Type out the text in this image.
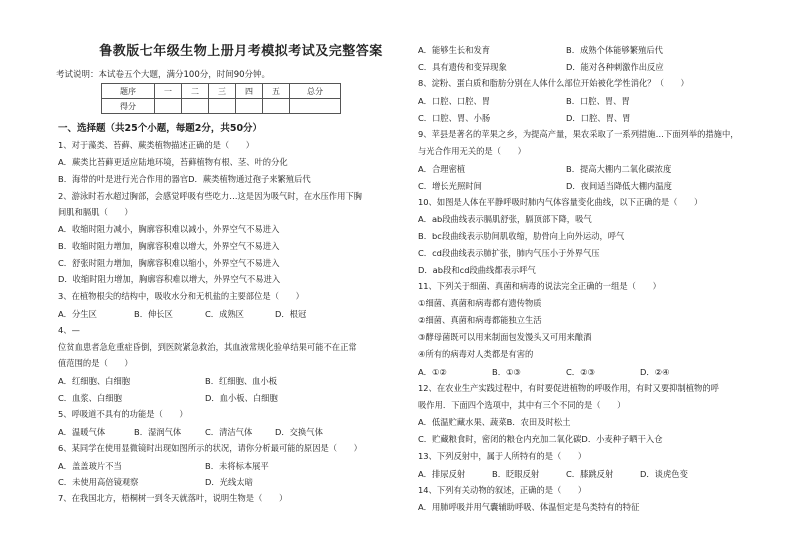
鲁教版七年级生物上册月考模拟考试及完整答案
考试说明：本试卷五个大题，满分100分，时间90分钟。
题序	一	二	三	四	五	总分
得分						
一、选择题（共25个小题，每题2分，共50分）
1、对于藻类、苔藓、蕨类植物描述正确的是（　　）
A．蕨类比苔藓更适应陆地环境，苔藓植物有根、茎、叶的分化
B．海带的叶是进行光合作用的器官D．蕨类植物通过孢子来繁殖后代
2、游泳时若水超过胸部，会感觉呼吸有些吃力…这是因为吸气时，在水压作用下胸
间肌和膈肌（　　）
A．收缩时阻力减小，胸廓容积难以减小，外界空气不易进入
B．收缩时阻力增加，胸廓容积难以增大，外界空气不易进入
C．舒张时阻力增加，胸廓容积难以缩小，外界空气不易进入
D．收缩时阻力增加，胸廓容积难以增大，外界空气不易进入
3、在植物根尖的结构中，吸收水分和无机盐的主要部位是（　　）
A．分生区	B．伸长区	C．成熟区	D．根冠
4、—
位贫血患者急危重症昏倒，到医院紧急救治，其血液常规化验单结果可能不在正常
值范围的是（　　）
A．红细胞、白细胞	B．红细胞、血小板
C．血浆、白细胞	D．血小板、白细胞
5、呼吸道不具有的功能是（　　）
A．温暖气体	B．湿润气体	C．清洁气体	D．交换气体
6、某同学在使用显微镜时出现如图所示的状况，请你分析最可能的原因是（　　）
A．盖盖玻片不当	B．未将标本展平
C．未使用高倍镜观察	D．光线太暗
7、在我国北方，梧桐树一到冬天就落叶，说明生物是（　　）
A．能够生长和发育	B．成熟个体能够繁殖后代
C．具有遗传和变异现象	D．能对各种刺激作出反应
8、淀粉、蛋白质和脂肪分别在人体什么部位开始被化学性消化？（　　）
A．口腔、口腔、胃	B．口腔、胃、胃
C．口腔、胃、小肠	D．口腔、胃、胃
9、苹县是著名的苹果之乡，为提高产量，果农采取了一系列措施…下面列举的措施中，
与光合作用无关的是（　　）
A．合理密植	B．提高大棚内二氧化碳浓度
C．增长光照时间	D．夜间适当降低大棚内温度
10、如图是人体在平静呼吸时肺内气体容量变化曲线，以下正确的是（　　）
A．ab段曲线表示膈肌舒张，膈顶部下降，吸气
B．bc段曲线表示肋间肌收缩，肋骨向上向外运动，呼气
C．cd段曲线表示肺扩张，肺内气压小于外界气压
D．ab段和cd段曲线都表示呼气
11、下列关于细菌、真菌和病毒的说法完全正确的一组是（　　）
①细菌、真菌和病毒都有遗传物质
②细菌、真菌和病毒都能独立生活
③酵母菌既可以用来制面包发馒头又可用来酿酒
④所有的病毒对人类都是有害的
A．①②	B．①③	C．②③	D．②④
12、在农业生产实践过程中，有时要促进植物的呼吸作用，有时又要抑制植物的呼
吸作用．下面四个选项中，其中有三个不同的是（　　）
A．低温贮藏水果、蔬菜B．农田及时松土
C．贮藏粮食时，密闭的粮仓内充加二氧化碳D．小麦种子晒干入仓
13、下列反射中，属于人所特有的是（　　）
A．排尿反射	B．眨眼反射	C．膝跳反射	D．谈虎色变
14、下列有关动物的叙述，正确的是（　　）
A．用肺呼吸并用气囊辅助呼吸、体温恒定是鸟类特有的特征
